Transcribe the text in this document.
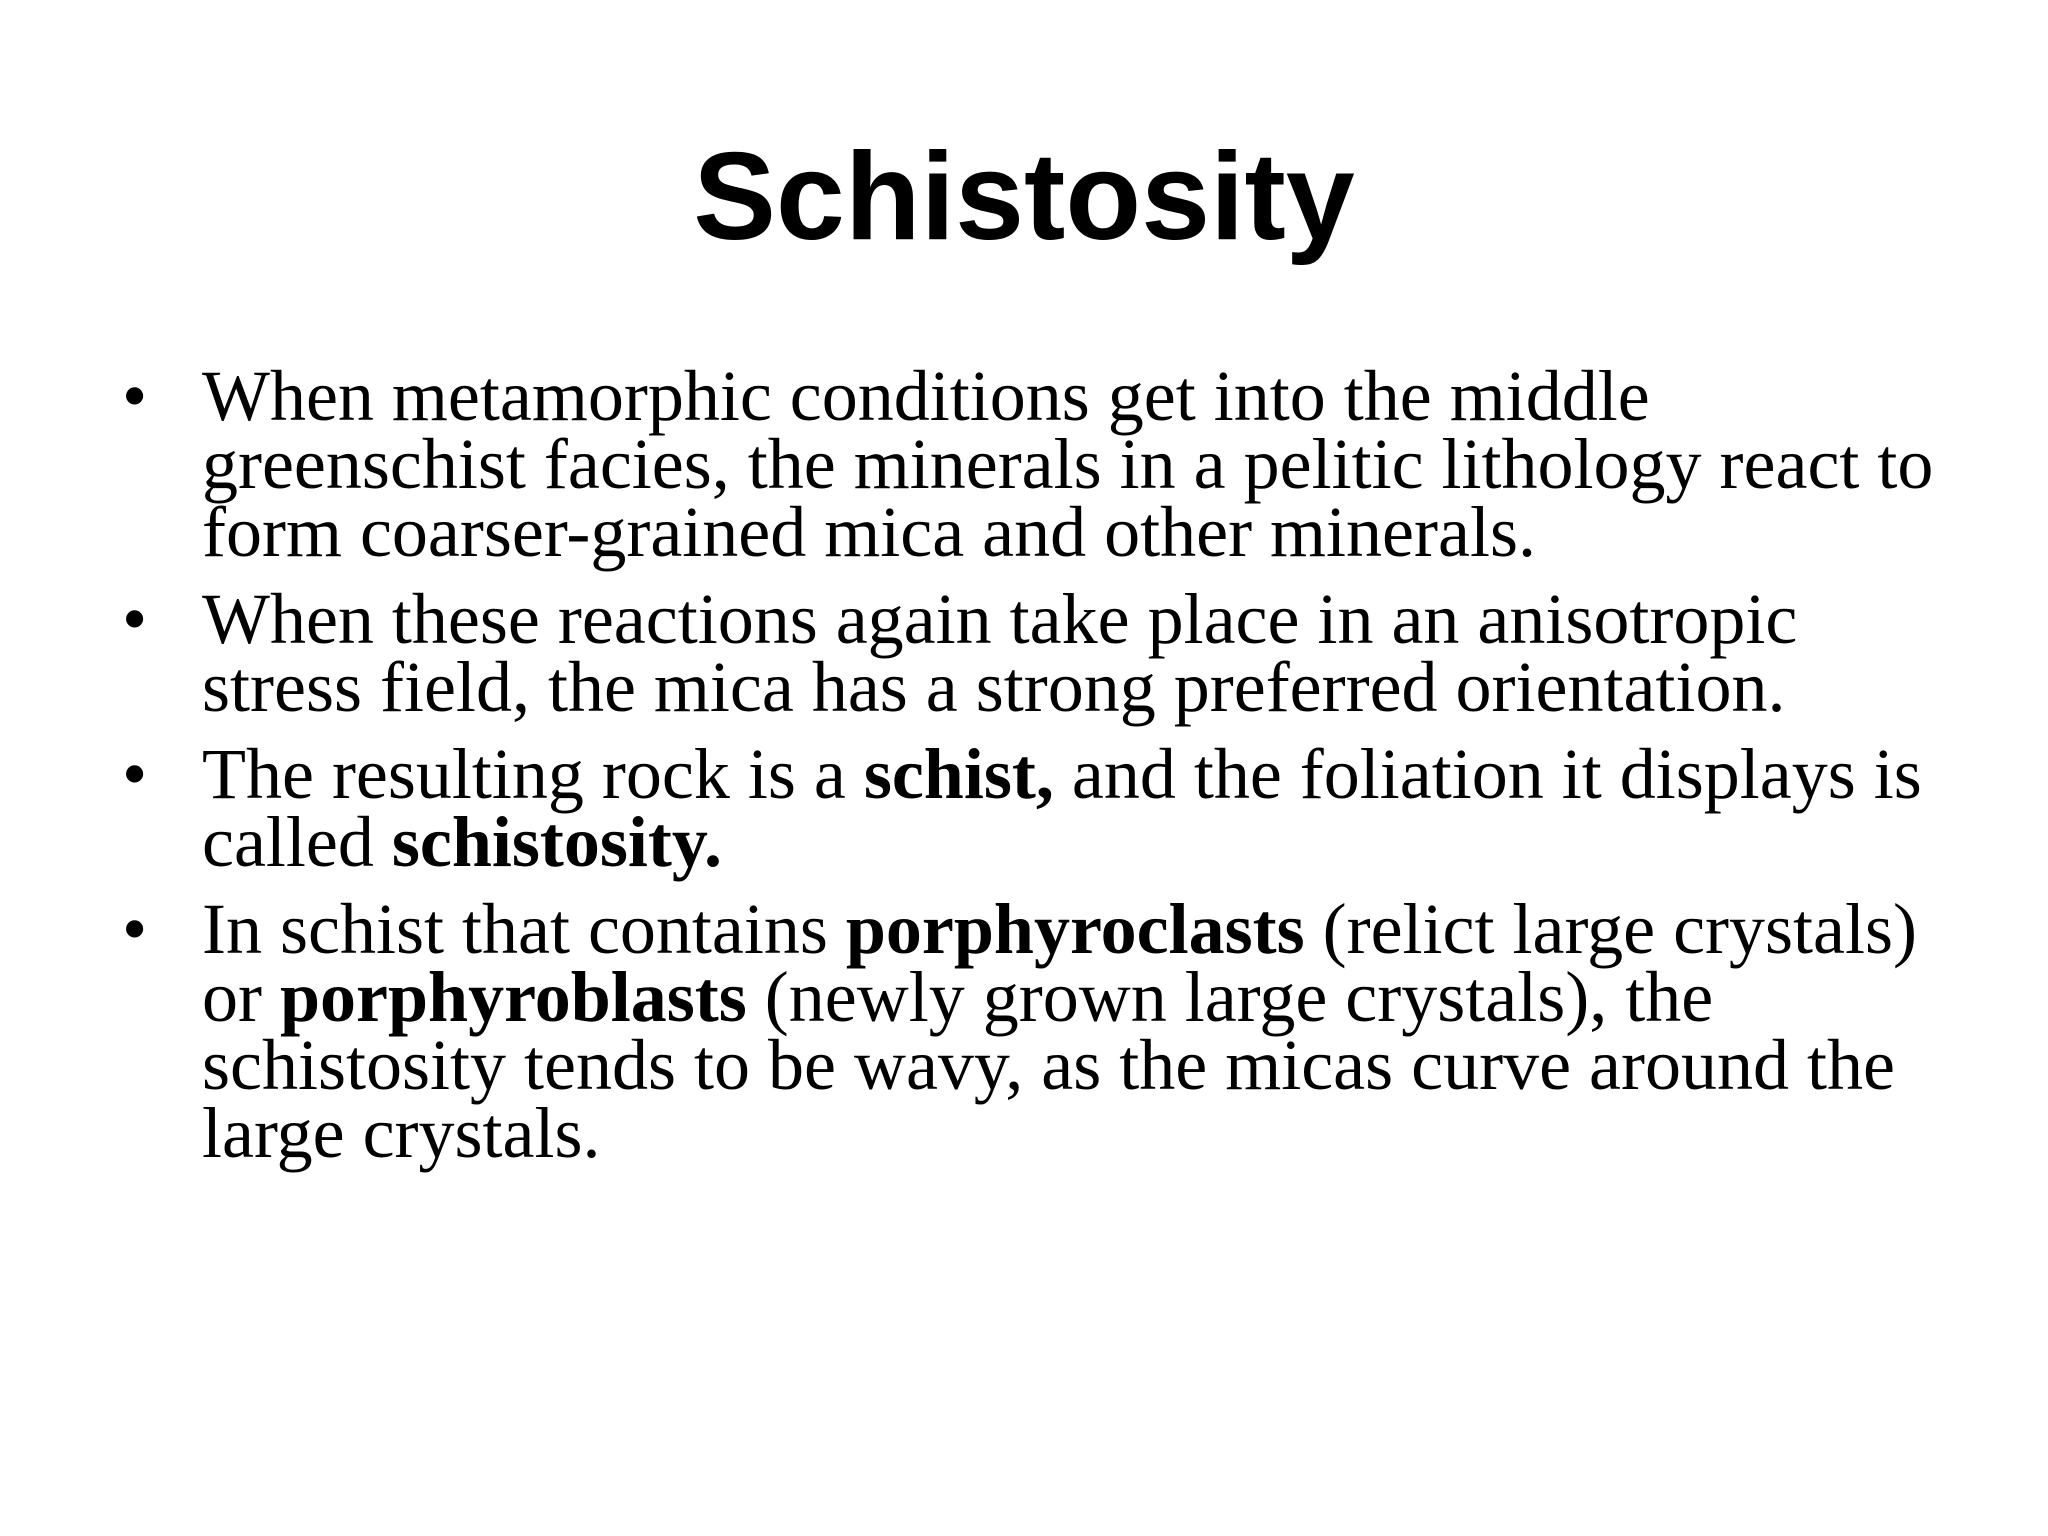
Schistosity
• When metamorphic conditions get into the middle greenschist facies, the minerals in a pelitic lithology react to form coarser-grained mica and other minerals.
• When these reactions again take place in an anisotropic stress field, the mica has a strong preferred orientation.
• The resulting rock is a schist, and the foliation it displays is called schistosity.
• In schist that contains porphyroclasts (relict large crystals) or porphyroblasts (newly grown large crystals), the schistosity tends to be wavy, as the micas curve around the large crystals.
